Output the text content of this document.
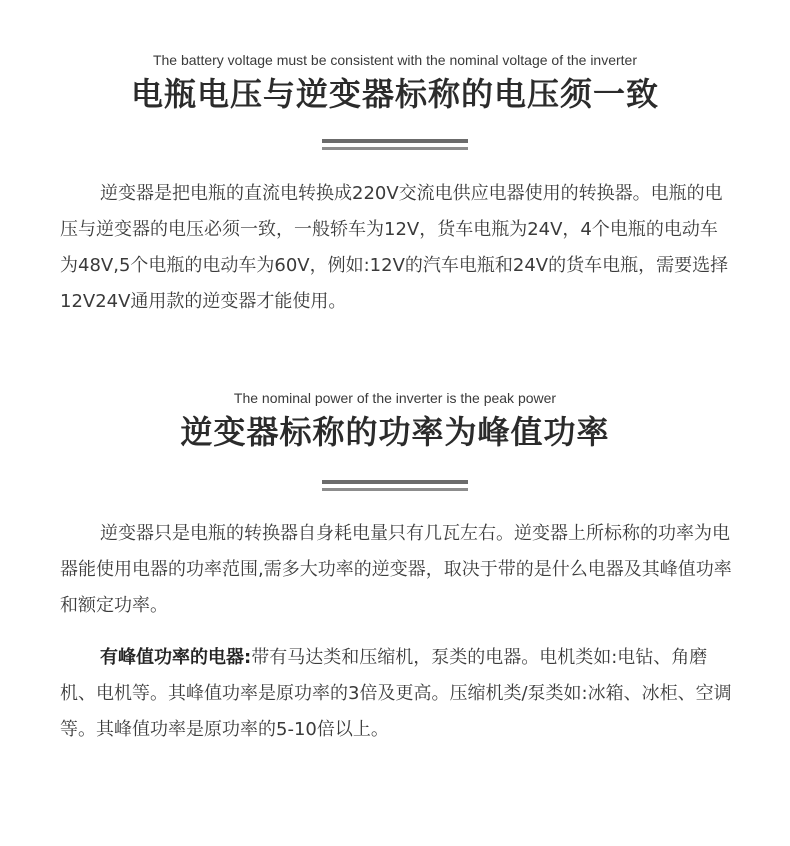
The battery voltage must be consistent with the nominal voltage of the inverter

电瓶电压与逆变器标称的电压须一致

逆变器是把电瓶的直流电转换成220V交流电供应电器使用的转换器。电瓶的电压与逆变器的电压必须一致，一般轿车为12V，货车电瓶为24V，4个电瓶的电动车为48V,5个电瓶的电动车为60V，例如:12V的汽车电瓶和24V的货车电瓶，需要选择12V24V通用款的逆变器才能使用。

The nominal power of the inverter is the peak power

逆变器标称的功率为峰值功率

逆变器只是电瓶的转换器自身耗电量只有几瓦左右。逆变器上所标称的功率为电器能使用电器的功率范围,需多大功率的逆变器，取决于带的是什么电器及其峰值功率和额定功率。

有峰值功率的电器:带有马达类和压缩机，泵类的电器。电机类如:电钻、角磨机、电机等。其峰值功率是原功率的3倍及更高。压缩机类/泵类如:冰箱、冰柜、空调等。其峰值功率是原功率的5-10倍以上。
